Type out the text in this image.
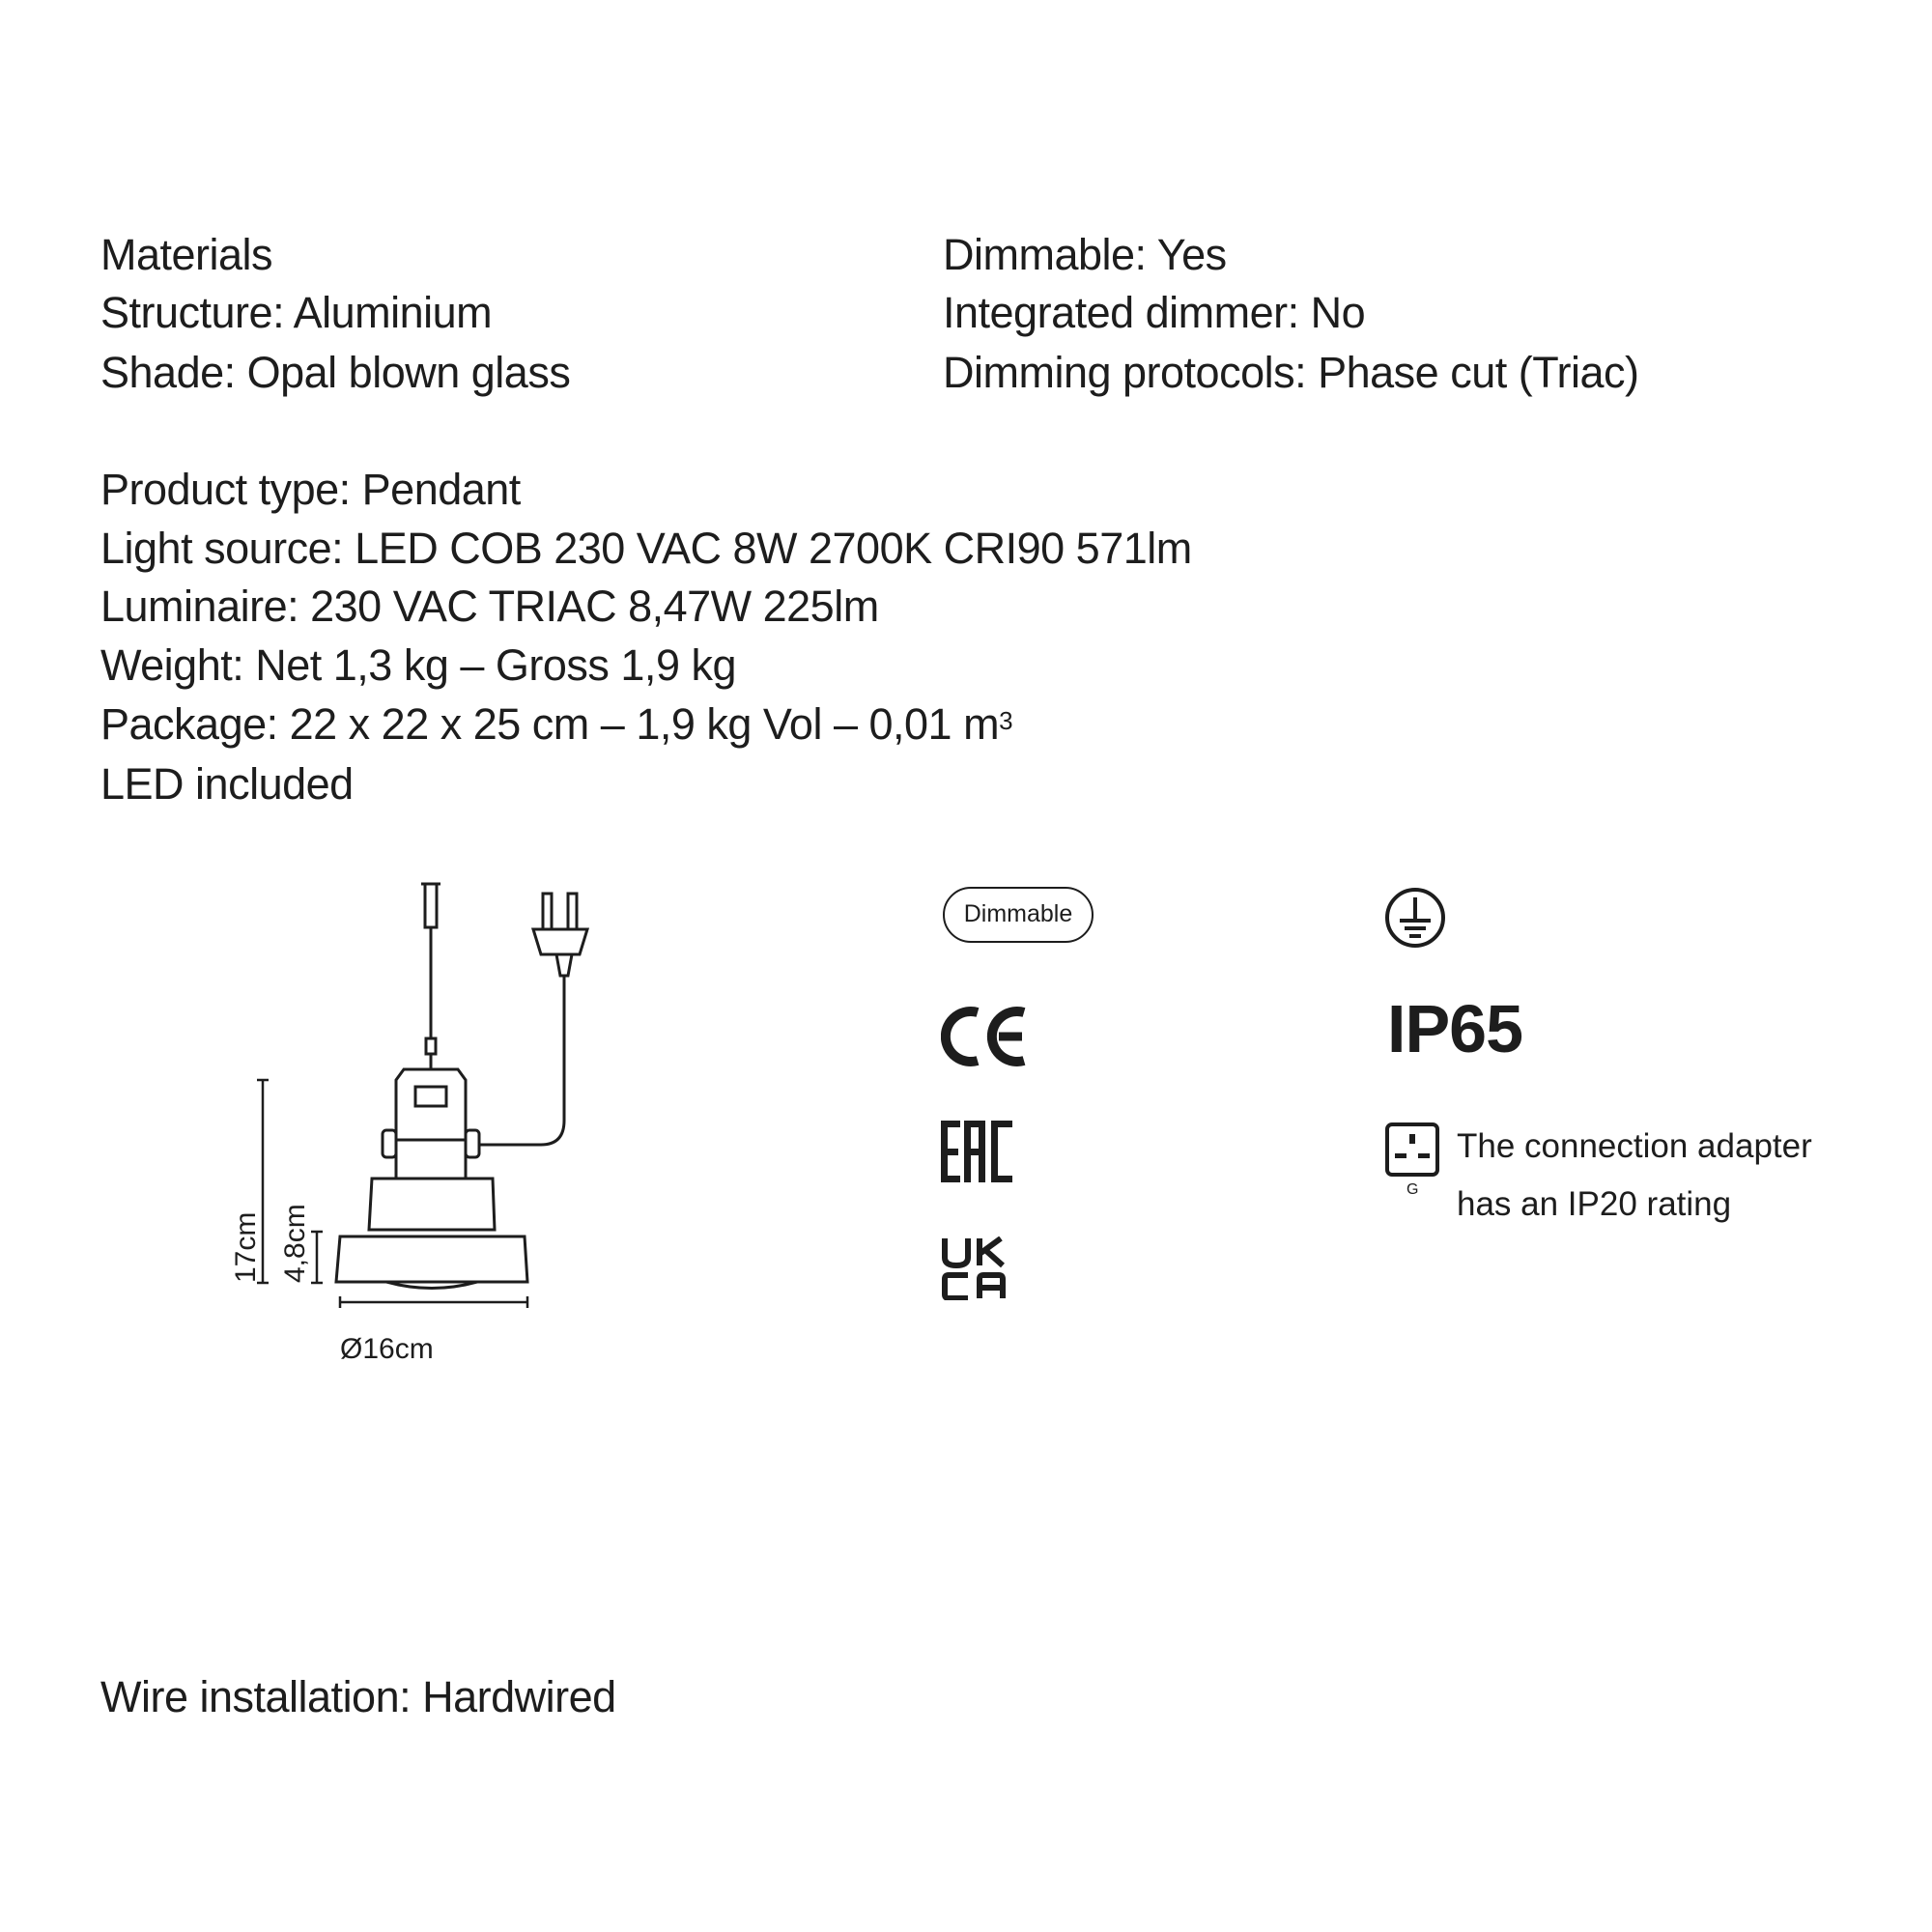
Materials
Structure: Aluminium
Shade: Opal blown glass
Dimmable: Yes
Integrated dimmer: No
Dimming protocols: Phase cut (Triac)
Product type: Pendant
Light source: LED COB 230 VAC 8W 2700K CRI90 571lm
Luminaire: 230 VAC TRIAC 8,47W 225lm
Weight: Net 1,3 kg – Gross 1,9 kg
Package: 22 x 22 x 25 cm – 1,9 kg Vol – 0,01 $m^3$
LED included
17cm 4,8cm
Ø16cm
Dimmable
IP65
G
The connection adapter
has an IP20 rating
Wire installation: Hardwired
